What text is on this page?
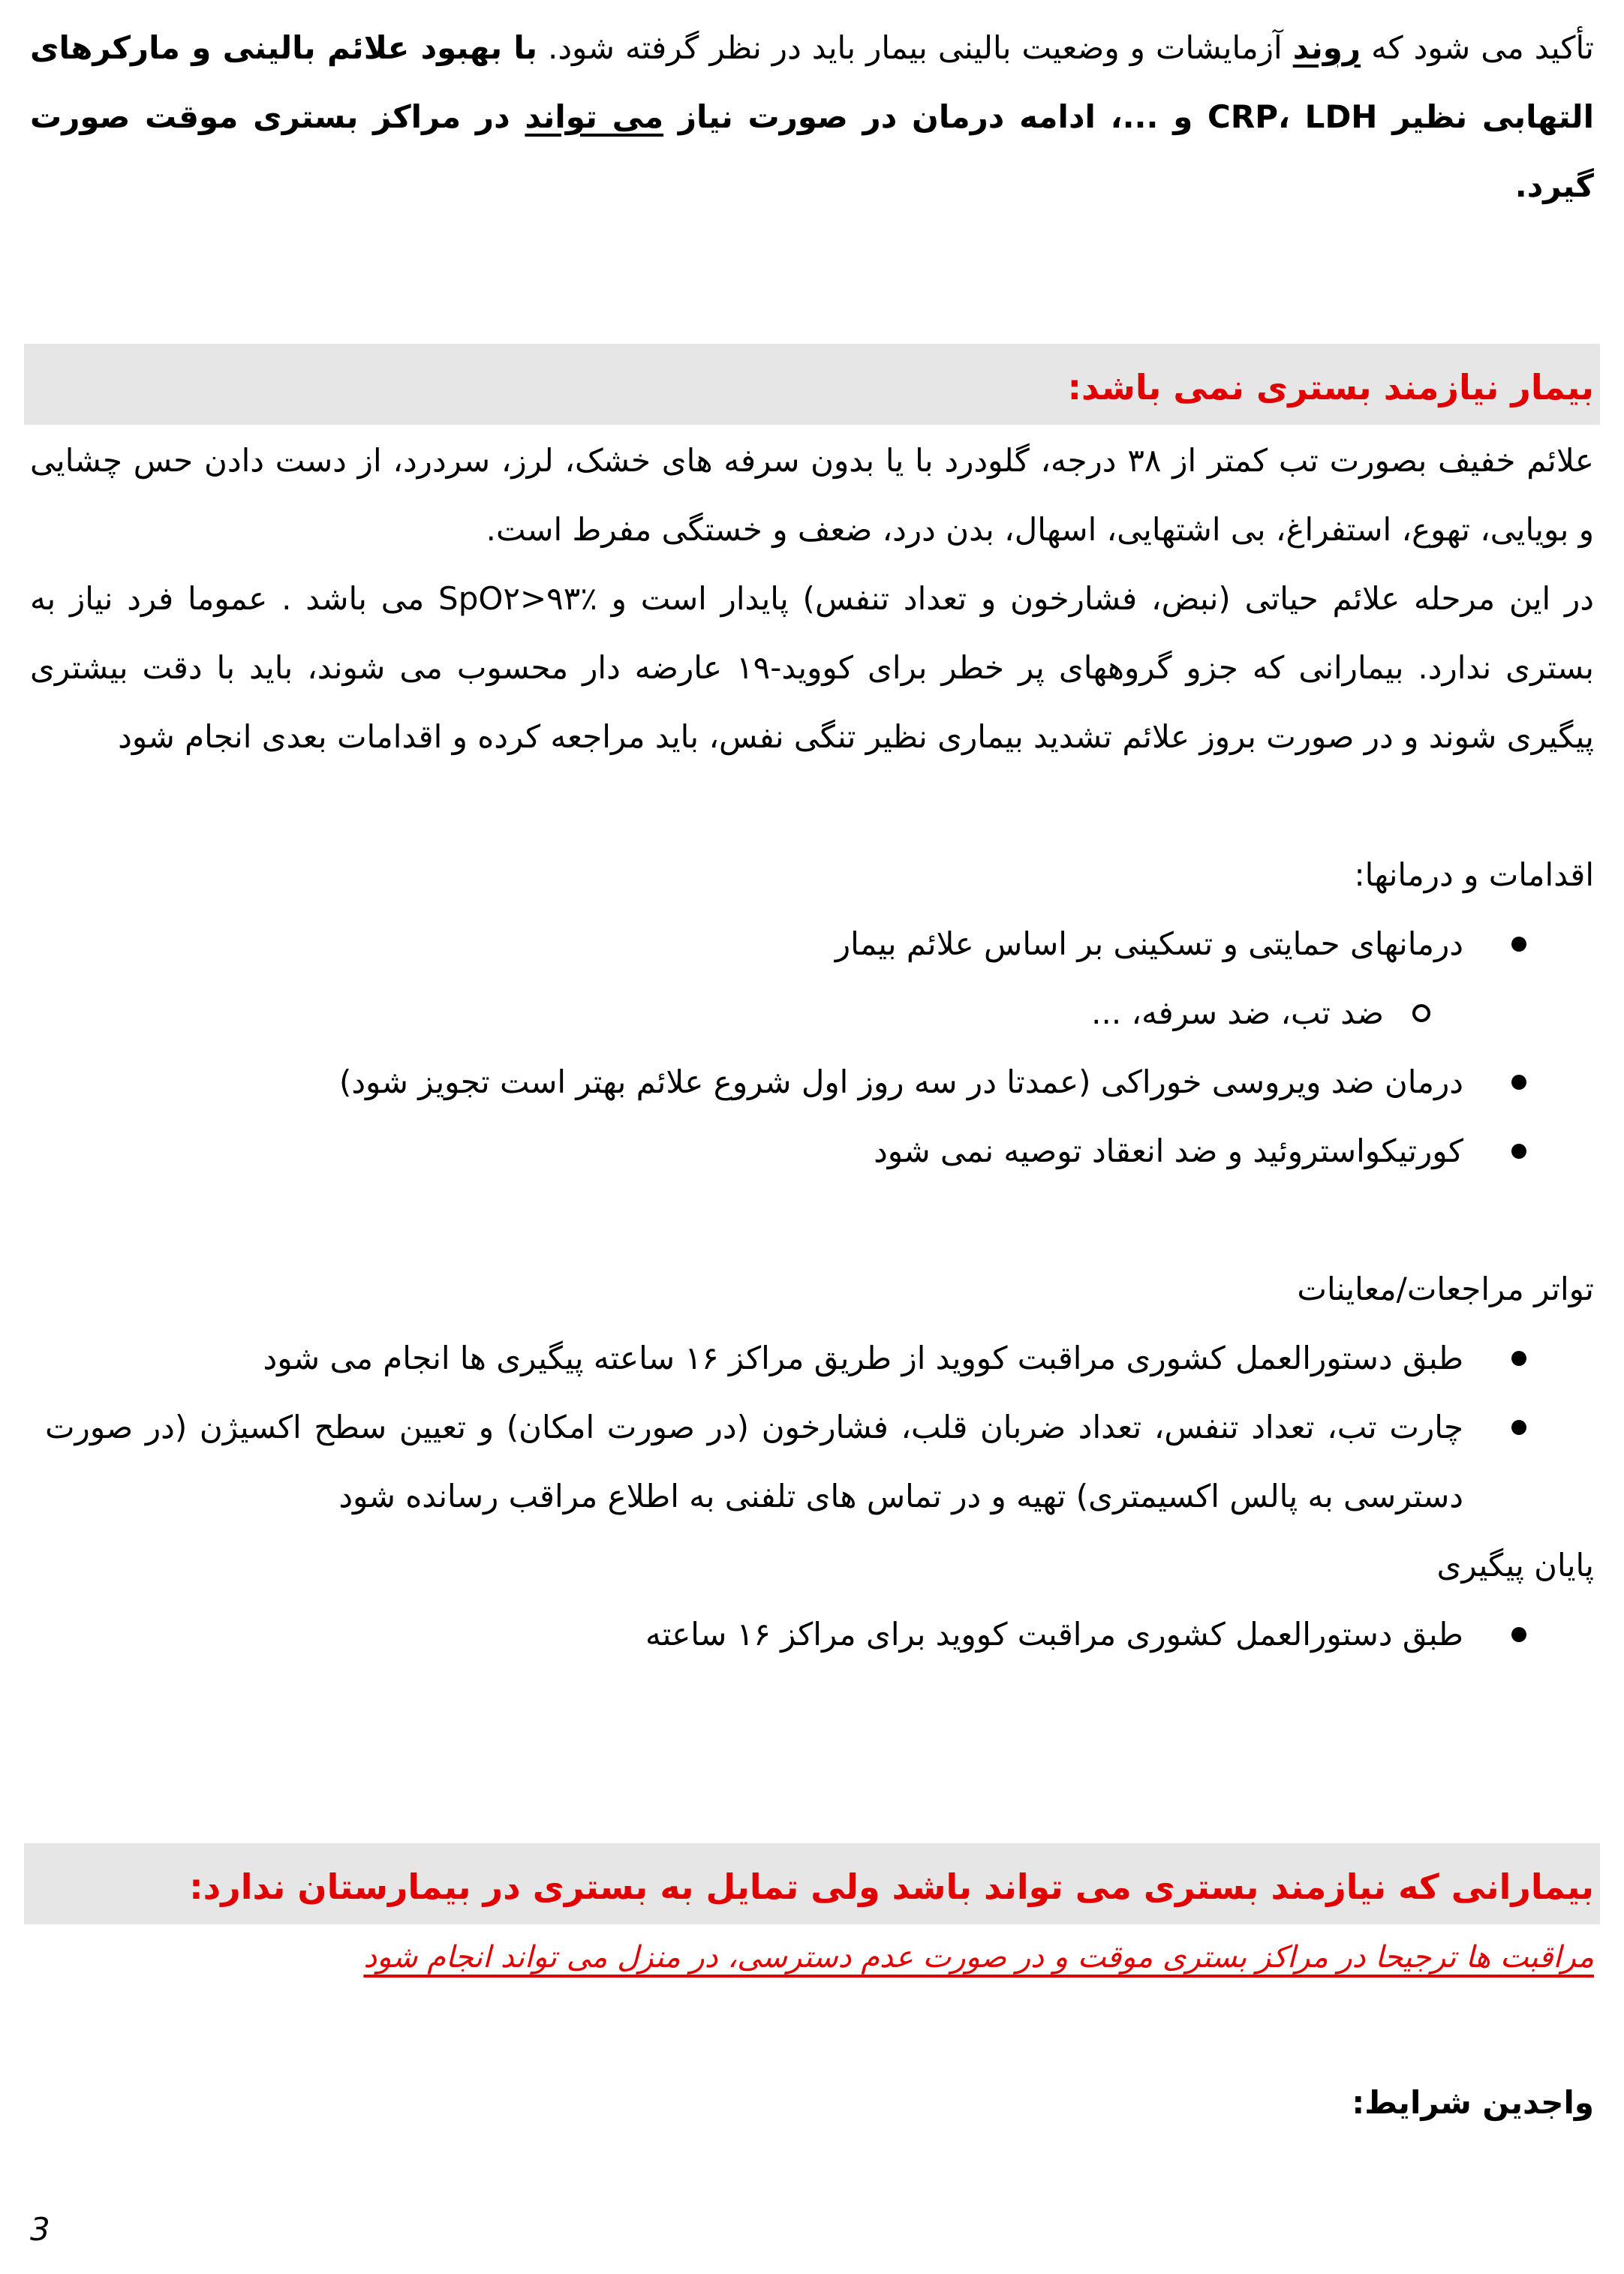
تأکید می شود که روند آزمایشات و وضعیت بالینی بیمار باید در نظر گرفته شود. با بهبود علائم بالینی و مارکرهای التهابی نظیر CRP، LDH و ...، ادامه درمان در صورت نیاز می تواند در مراکز بستری موقت صورت گیرد.

بیمار نیازمند بستری نمی باشد:

علائم خفیف بصورت تب کمتر از ۳۸ درجه، گلودرد با یا بدون سرفه های خشک، لرز، سردرد، از دست دادن حس چشایی و بویایی، تهوع، استفراغ، بی اشتهایی، اسهال، بدن درد، ضعف و خستگی مفرط است.

در این مرحله علائم حیاتی (نبض، فشارخون و تعداد تنفس) پایدار است و SpO۲>۹۳٪ می باشد . عموما فرد نیاز به بستری ندارد. بیمارانی که جزو گروههای پر خطر برای کووید-۱۹ عارضه دار محسوب می شوند، باید با دقت بیشتری پیگیری شوند و در صورت بروز علائم تشدید بیماری نظیر تنگی نفس، باید مراجعه کرده و اقدامات بعدی انجام شود

اقدامات و درمانها:

درمانهای حمایتی و تسکینی بر اساس علائم بیمار

ضد تب، ضد سرفه، ...

درمان ضد ویروسی خوراکی (عمدتا در سه روز اول شروع علائم بهتر است تجویز شود)

کورتیکواستروئید و ضد انعقاد توصیه نمی شود

تواتر مراجعات/معاینات

طبق دستورالعمل کشوری مراقبت کووید از طریق مراکز ۱۶ ساعته پیگیری ها انجام می شود

چارت تب، تعداد تنفس، تعداد ضربان قلب، فشارخون (در صورت امکان) و تعیین سطح اکسیژن (در صورت دسترسی به پالس اکسیمتری) تهیه و در تماس های تلفنی به اطلاع مراقب رسانده شود

پایان پیگیری

طبق دستورالعمل کشوری مراقبت کووید برای مراکز ۱۶ ساعته

بیمارانی که نیازمند بستری می تواند باشد ولی تمایل به بستری در بیمارستان ندارد:
مراقبت ها ترجیحا در مراکز بستری موقت و در صورت عدم دسترسی، در منزل می تواند انجام شود

واجدین شرایط:

3
